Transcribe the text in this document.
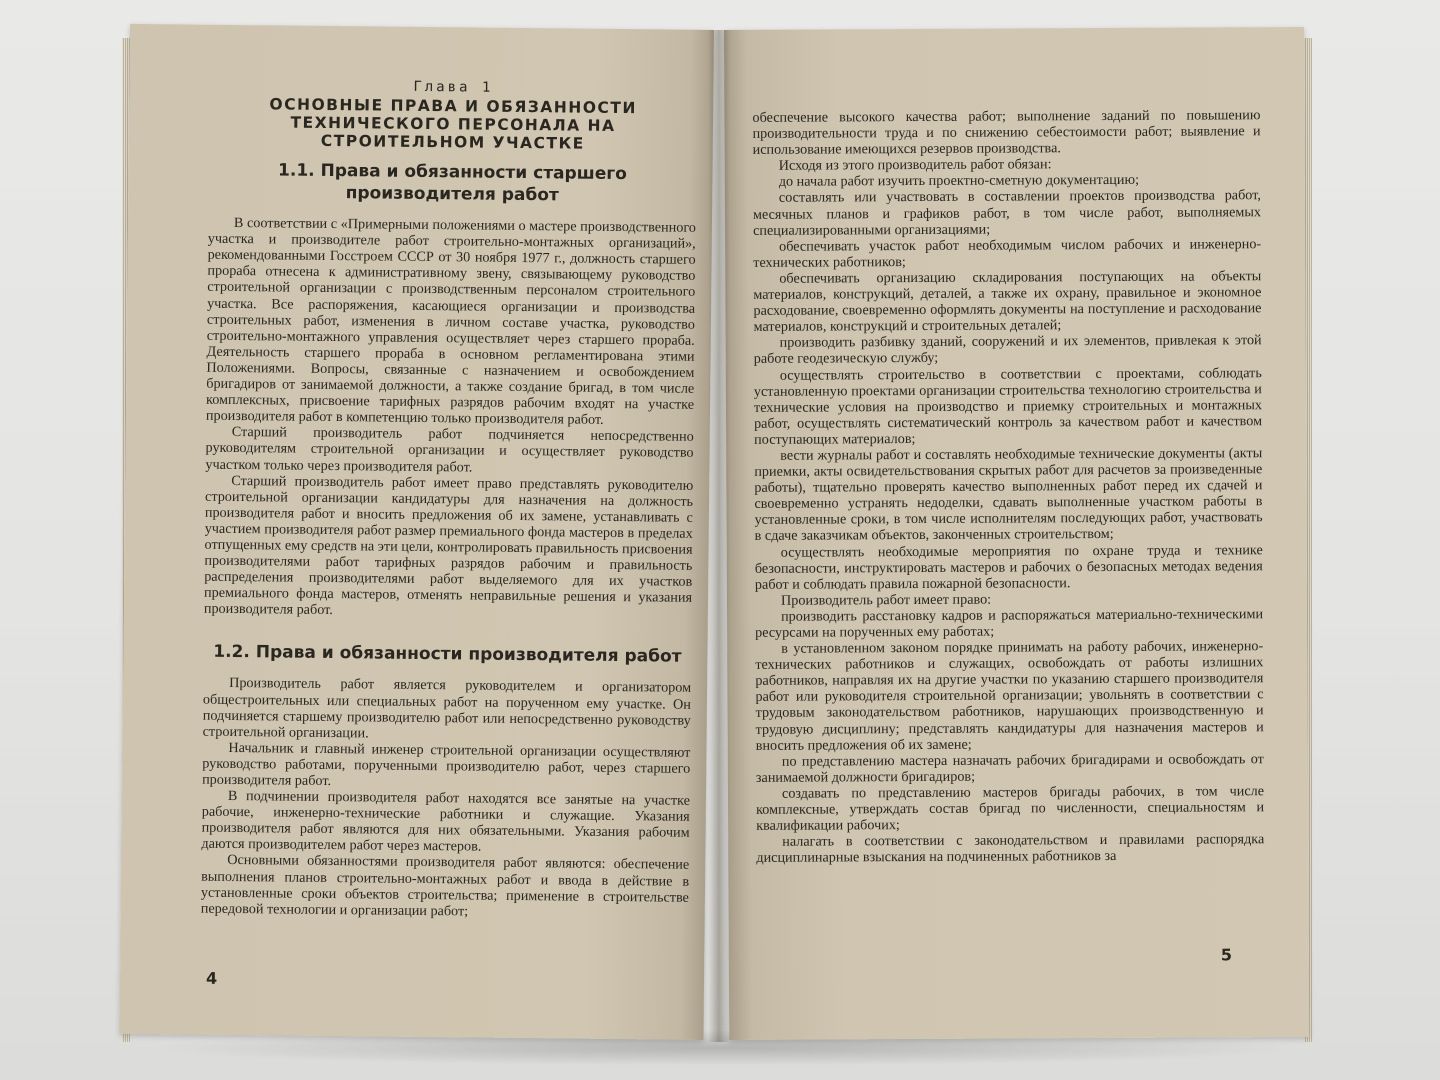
Глава 1
ОСНОВНЫЕ ПРАВА И ОБЯЗАННОСТИ
ТЕХНИЧЕСКОГО ПЕРСОНАЛА НА СТРОИТЕЛЬНОМ УЧАСТКЕ
1.1. Права и обязанности старшего
производителя работ

В соответствии с «Примерными положениями о мастере производственного участка и производителе работ строительно-монтажных организаций», рекомендованными Госстроем СССР от 30 ноября 1977 г., должность старшего прораба отнесена к административному звену, связывающему руководство строительной организации с производственным персоналом строительного участка. Все распоряжения, касающиеся организации и производства строительных работ, изменения в личном составе участка, руководство строительно-монтажного управления осуществляет через старшего прораба. Деятельность старшего прораба в основном регламентирована этими Положениями. Вопросы, связанные с назначением и освобождением бригадиров от занимаемой должности, а также создание бригад, в том числе комплексных, присвоение тарифных разрядов рабочим входят на участке производителя работ в компетенцию только производителя работ.

Старший производитель работ подчиняется непосредственно руководителям строительной организации и осуществляет руководство участком только через производителя работ.

Старший производитель работ имеет право представлять руководителю строительной организации кандидатуры для назначения на должность производителя работ и вносить предложения об их замене, устанавливать с участием производителя работ размер премиального фонда мастеров в пределах отпущенных ему средств на эти цели, контролировать правильность присвоения производителями работ тарифных разрядов рабочим и правильность распределения производителями работ выделяемого для их участков премиального фонда мастеров, отменять неправильные решения и указания производителя работ.

1.2. Права и обязанности производителя работ

Производитель работ является руководителем и организатором общестроительных или специальных работ на порученном ему участке. Он подчиняется старшему производителю работ или непосредственно руководству строительной организации.

Начальник и главный инженер строительной организации осуществляют руководство работами, порученными производителю работ, через старшего производителя работ.

В подчинении производителя работ находятся все занятые на участке рабочие, инженерно-технические работники и служащие. Указания производителя работ являются для них обязательными. Указания рабочим даются производителем работ через мастеров.

Основными обязанностями производителя работ являются: обеспечение выполнения планов строительно-монтажных работ и ввода в действие в установленные сроки объектов строительства; применение в строительстве передовой технологии и организации работ;

4

обеспечение высокого качества работ; выполнение заданий по повышению производительности труда и по снижению себестоимости работ; выявление и использование имеющихся резервов производства.

Исходя из этого производитель работ обязан:

до начала работ изучить проектно-сметную документацию;

составлять или участвовать в составлении проектов производства работ, месячных планов и графиков работ, в том числе работ, выполняемых специализированными организациями;

обеспечивать участок работ необходимым числом рабочих и инженерно-технических работников;

обеспечивать организацию складирования поступающих на объекты материалов, конструкций, деталей, а также их охрану, правильное и экономное расходование, своевременно оформлять документы на поступление и расходование материалов, конструкций и строительных деталей;

производить разбивку зданий, сооружений и их элементов, привлекая к этой работе геодезическую службу;

осуществлять строительство в соответствии с проектами, соблюдать установленную проектами организации строительства технологию строительства и технические условия на производство и приемку строительных и монтажных работ, осуществлять систематический контроль за качеством работ и качеством поступающих материалов;

вести журналы работ и составлять необходимые технические документы (акты приемки, акты освидетельствования скрытых работ для расчетов за произведенные работы), тщательно проверять качество выполненных работ перед их сдачей и своевременно устранять недоделки, сдавать выполненные участком работы в установленные сроки, в том числе исполнителям последующих работ, участвовать в сдаче заказчикам объектов, законченных строительством;

осуществлять необходимые мероприятия по охране труда и технике безопасности, инструктировать мастеров и рабочих о безопасных методах ведения работ и соблюдать правила пожарной безопасности.

Производитель работ имеет право:

производить расстановку кадров и распоряжаться материально-техническими ресурсами на порученных ему работах;

в установленном законом порядке принимать на работу рабочих, инженерно-технических работников и служащих, освобождать от работы излишних работников, направляя их на другие участки по указанию старшего производителя работ или руководителя строительной организации; увольнять в соответствии с трудовым законодательством работников, нарушающих производственную и трудовую дисциплину; представлять кандидатуры для назначения мастеров и вносить предложения об их замене;

по представлению мастера назначать рабочих бригадирами и освобождать от занимаемой должности бригадиров;

создавать по представлению мастеров бригады рабочих, в том числе комплексные, утверждать состав бригад по численности, специальностям и квалификации рабочих;

налагать в соответствии с законодательством и правилами распорядка дисциплинарные взыскания на подчиненных работников за

5
